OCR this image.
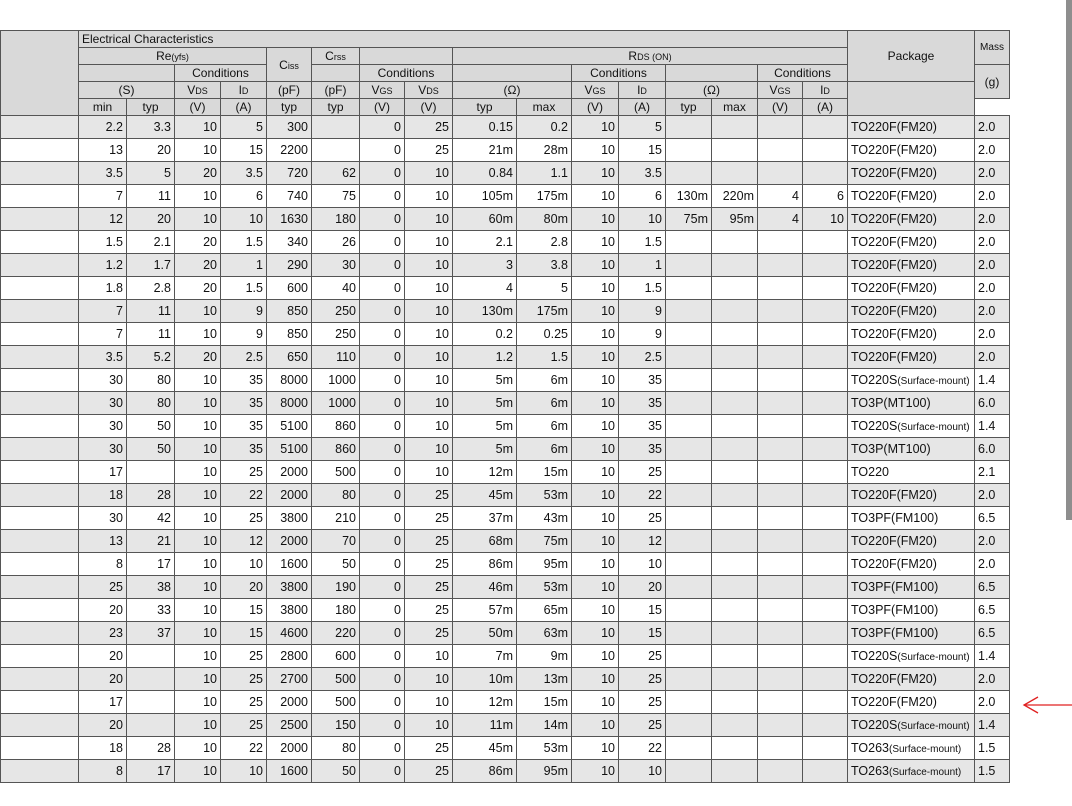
	Electrical Characteristics																Package	Mass
	Re(yfs)				Ciss	Crss			RDS (ON)									
			Conditions				Conditions				Conditions				Conditions			(g)
	(S)		VDS	ID	(pF)	(pF)	VGS	VDS	(Ω)		VGS	ID	(Ω)		VGS	ID		
	min	typ	(V)	(A)	typ	typ	(V)	(V)	typ	max	(V)	(A)	typ	max	(V)	(A)		
	2.2	3.3	10	5	300		0	25	0.15	0.2	10	5					TO220F(FM20)	2.0
	13	20	10	15	2200		0	25	21m	28m	10	15					TO220F(FM20)	2.0
	3.5	5	20	3.5	720	62	0	10	0.84	1.1	10	3.5					TO220F(FM20)	2.0
	7	11	10	6	740	75	0	10	105m	175m	10	6	130m	220m	4	6	TO220F(FM20)	2.0
	12	20	10	10	1630	180	0	10	60m	80m	10	10	75m	95m	4	10	TO220F(FM20)	2.0
	1.5	2.1	20	1.5	340	26	0	10	2.1	2.8	10	1.5					TO220F(FM20)	2.0
	1.2	1.7	20	1	290	30	0	10	3	3.8	10	1					TO220F(FM20)	2.0
	1.8	2.8	20	1.5	600	40	0	10	4	5	10	1.5					TO220F(FM20)	2.0
	7	11	10	9	850	250	0	10	130m	175m	10	9					TO220F(FM20)	2.0
	7	11	10	9	850	250	0	10	0.2	0.25	10	9					TO220F(FM20)	2.0
	3.5	5.2	20	2.5	650	110	0	10	1.2	1.5	10	2.5					TO220F(FM20)	2.0
	30	80	10	35	8000	1000	0	10	5m	6m	10	35					TO220S(Surface-mount)	1.4
	30	80	10	35	8000	1000	0	10	5m	6m	10	35					TO3P(MT100)	6.0
	30	50	10	35	5100	860	0	10	5m	6m	10	35					TO220S(Surface-mount)	1.4
	30	50	10	35	5100	860	0	10	5m	6m	10	35					TO3P(MT100)	6.0
	17		10	25	2000	500	0	10	12m	15m	10	25					TO220	2.1
	18	28	10	22	2000	80	0	25	45m	53m	10	22					TO220F(FM20)	2.0
	30	42	10	25	3800	210	0	25	37m	43m	10	25					TO3PF(FM100)	6.5
	13	21	10	12	2000	70	0	25	68m	75m	10	12					TO220F(FM20)	2.0
	8	17	10	10	1600	50	0	25	86m	95m	10	10					TO220F(FM20)	2.0
	25	38	10	20	3800	190	0	25	46m	53m	10	20					TO3PF(FM100)	6.5
	20	33	10	15	3800	180	0	25	57m	65m	10	15					TO3PF(FM100)	6.5
	23	37	10	15	4600	220	0	25	50m	63m	10	15					TO3PF(FM100)	6.5
	20		10	25	2800	600	0	10	7m	9m	10	25					TO220S(Surface-mount)	1.4
	20		10	25	2700	500	0	10	10m	13m	10	25					TO220F(FM20)	2.0
	17		10	25	2000	500	0	10	12m	15m	10	25					TO220F(FM20)	2.0
	20		10	25	2500	150	0	10	11m	14m	10	25					TO220S(Surface-mount)	1.4
	18	28	10	22	2000	80	0	25	45m	53m	10	22					TO263(Surface-mount)	1.5
	8	17	10	10	1600	50	0	25	86m	95m	10	10					TO263(Surface-mount)	1.5
